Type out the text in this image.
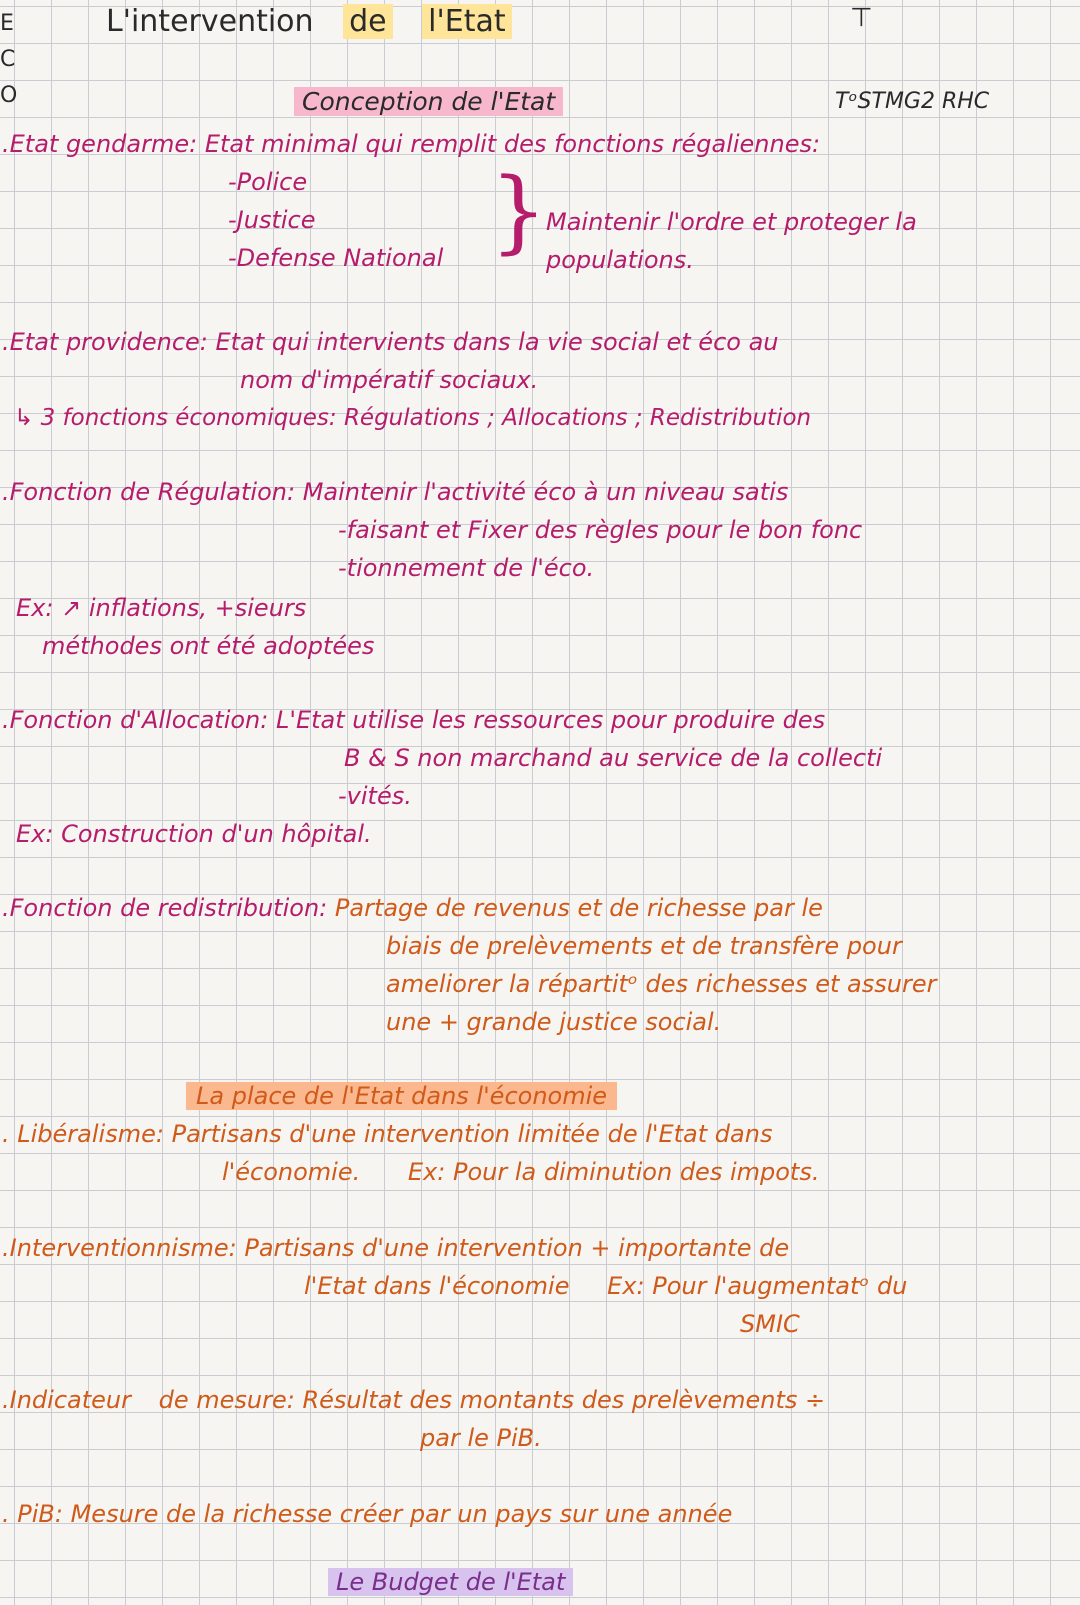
E
C
O
L'intervention de l'Etat	⊤
Conception de l'Etat	TᵒSTMG2 RHC
.Etat gendarme: Etat minimal qui remplit des fonctions régaliennes:
-Police
-Justice
-Defense National }
Maintenir l'ordre et proteger la
populations.
.Etat providence: Etat qui intervients dans la vie social et éco au
nom d'impératif sociaux.
↳ 3 fonctions économiques: Régulations ; Allocations ; Redistribution
.Fonction de Régulation: Maintenir l'activité éco à un niveau satis
-faisant et Fixer des règles pour le bon fonc
-tionnement de l'éco.
Ex: ↗ inflations, +sieurs
méthodes ont été adoptées
.Fonction d'Allocation: L'Etat utilise les ressources pour produire des
B & S non marchand au service de la collecti
-vités.
Ex: Construction d'un hôpital.
.Fonction de redistribution: Partage de revenus et de richesse par le
biais de prelèvements et de transfère pour
ameliorer la répartitᵒ des richesses et assurer
une + grande justice social.
La place de l'Etat dans l'économie
. Libéralisme: Partisans d'une intervention limitée de l'Etat dans
l'économie. Ex: Pour la diminution des impots.
.Interventionnisme: Partisans d'une intervention + importante de
l'Etat dans l'économie Ex: Pour l'augmentatᵒ du
SMIC
.Indicateur de mesure: Résultat des montants des prelèvements ÷
par le PiB.
. PiB: Mesure de la richesse créer par un pays sur une année
Le Budget de l'Etat
